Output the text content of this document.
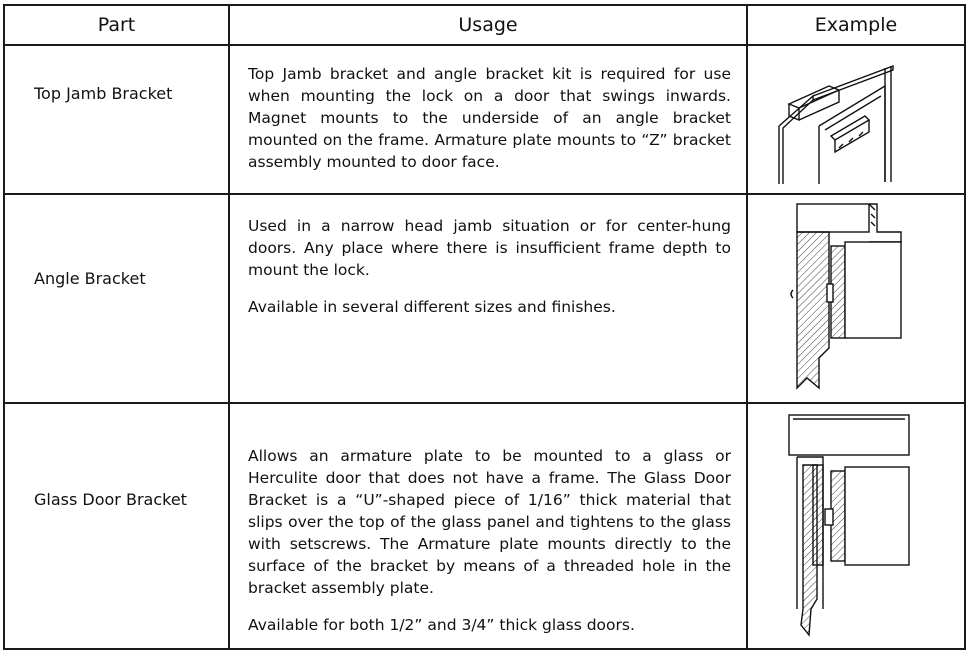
Part	Usage	Example
Top Jamb Bracket

Top Jamb bracket and angle bracket kit is required for use when mounting the lock on a door that swings inwards. Magnet mounts to the underside of an angle bracket mounted on the frame. Armature plate mounts to “Z” bracket assembly mounted to door face.

Angle Bracket

Used in a narrow head jamb situation or for center-hung doors. Any place where there is insufficient frame depth to mount the lock.

Available in several different sizes and finishes.

Glass Door Bracket

Allows an armature plate to be mounted to a glass or Herculite door that does not have a frame. The Glass Door Bracket is a “U”-shaped piece of 1/16” thick material that slips over the top of the glass panel and tightens to the glass with setscrews. The Armature plate mounts directly to the surface of the bracket by means of a threaded hole in the bracket assembly plate.

Available for both 1/2” and 3/4” thick glass doors.
